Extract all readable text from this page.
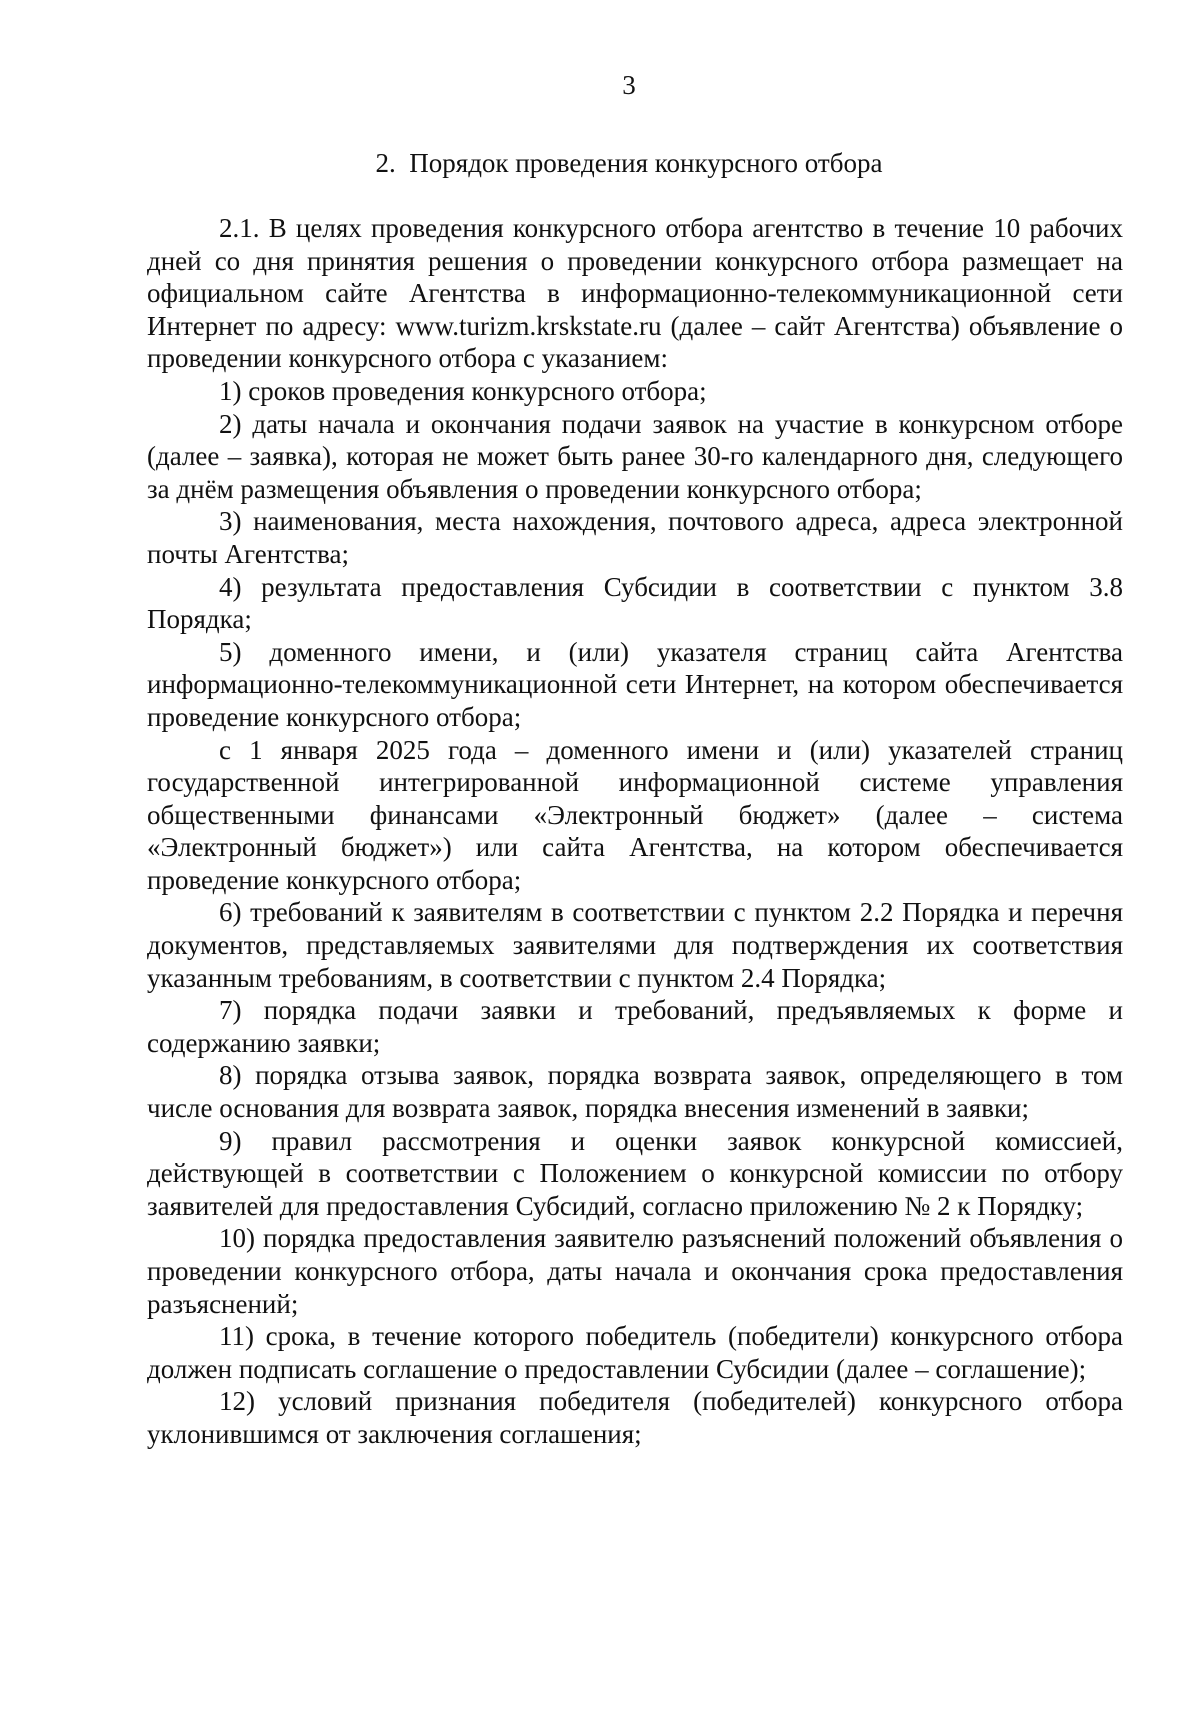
3
2.  Порядок проведения конкурсного отбора

2.1. В целях проведения конкурсного отбора агентство в течение 10 рабочих дней со дня принятия решения о проведении конкурсного отбора размещает на официальном сайте Агентства в информационно-телекоммуникационной сети Интернет по адресу: www.turizm.krskstate.ru (далее – сайт Агентства) объявление о проведении конкурсного отбора с указанием:

1) сроков проведения конкурсного отбора;

2) даты начала и окончания подачи заявок на участие в конкурсном отборе (далее – заявка), которая не может быть ранее 30-го календарного дня, следующего за днём размещения объявления о проведении конкурсного отбора;

3) наименования, места нахождения, почтового адреса, адреса электронной почты Агентства;

4) результата предоставления Субсидии в соответствии с пунктом 3.8 Порядка;

5) доменного имени, и (или) указателя страниц сайта Агентства информационно-телекоммуникационной сети Интернет, на котором обеспечивается проведение конкурсного отбора;

с 1 января 2025 года – доменного имени и (или) указателей страниц государственной интегрированной информационной системе управления общественными финансами «Электронный бюджет» (далее – система «Электронный бюджет») или сайта Агентства, на котором обеспечивается проведение конкурсного отбора;

6) требований к заявителям в соответствии с пунктом 2.2 Порядка и перечня документов, представляемых заявителями для подтверждения их соответствия указанным требованиям, в соответствии с пунктом 2.4 Порядка;

7) порядка подачи заявки и требований, предъявляемых к форме и содержанию заявки;

8) порядка отзыва заявок, порядка возврата заявок, определяющего в том числе основания для возврата заявок, порядка внесения изменений в заявки;

9) правил рассмотрения и оценки заявок конкурсной комиссией, действующей в соответствии с Положением о конкурсной комиссии по отбору заявителей для предоставления Субсидий, согласно приложению № 2 к Порядку;

10) порядка предоставления заявителю разъяснений положений объявления о проведении конкурсного отбора, даты начала и окончания срока предоставления разъяснений;

11) срока, в течение которого победитель (победители) конкурсного отбора должен подписать соглашение о предоставлении Субсидии (далее – соглашение);

12) условий признания победителя (победителей) конкурсного отбора уклонившимся от заключения соглашения;
